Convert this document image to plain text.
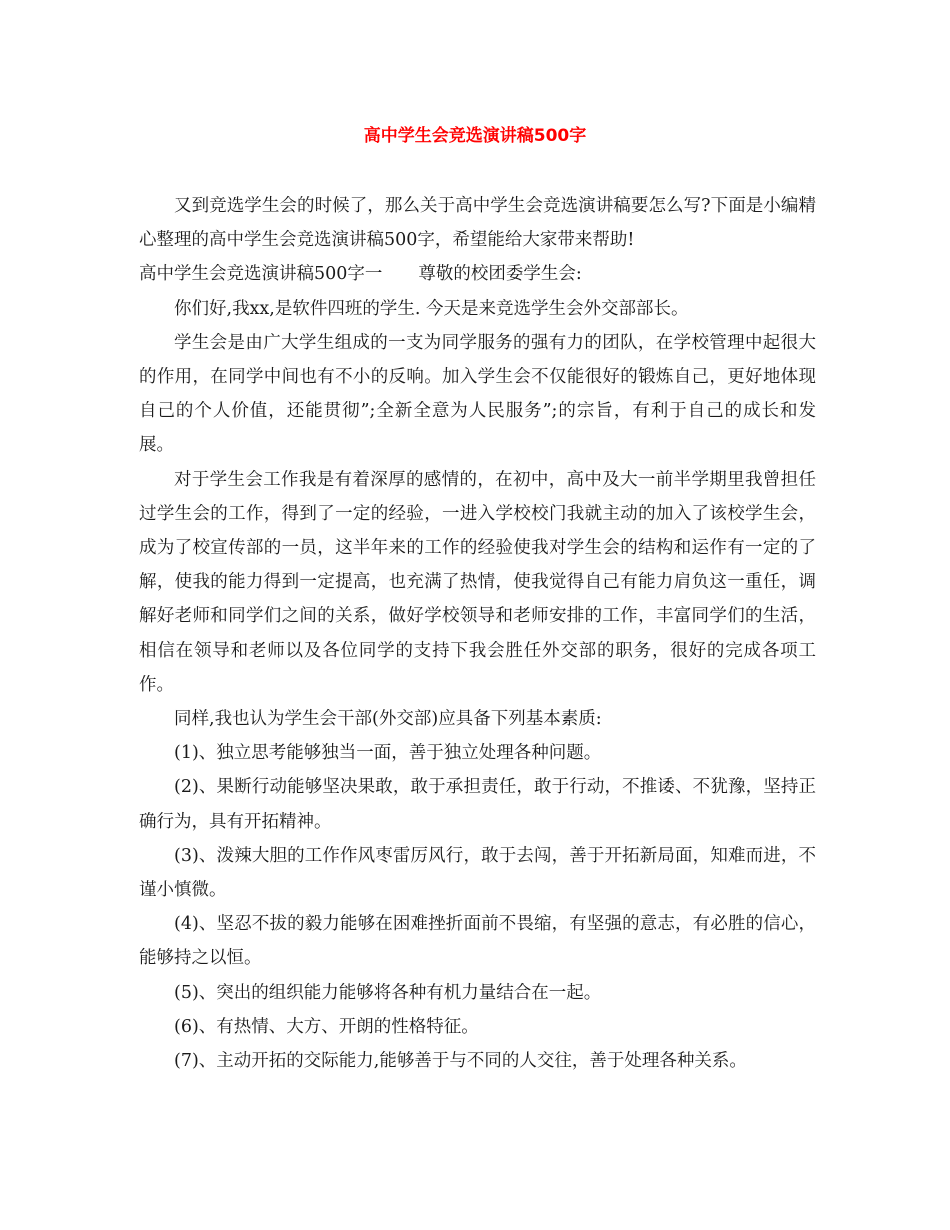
高中学生会竞选演讲稿500字

又到竞选学生会的时候了，那么关于高中学生会竞选演讲稿要怎么写?下面是小编精心整理的高中学生会竞选演讲稿500字，希望能给大家带来帮助!

高中学生会竞选演讲稿500字一 尊敬的校团委学生会:

你们好,我xx,是软件四班的学生. 今天是来竞选学生会外交部部长。

学生会是由广大学生组成的一支为同学服务的强有力的团队，在学校管理中起很大的作用，在同学中间也有不小的反响。加入学生会不仅能很好的锻炼自己，更好地体现自己的个人价值，还能贯彻”;全新全意为人民服务”;的宗旨，有利于自己的成长和发展。

对于学生会工作我是有着深厚的感情的，在初中，高中及大一前半学期里我曾担任过学生会的工作，得到了一定的经验，一进入学校校门我就主动的加入了该校学生会，成为了校宣传部的一员，这半年来的工作的经验使我对学生会的结构和运作有一定的了解，使我的能力得到一定提高，也充满了热情，使我觉得自己有能力肩负这一重任，调解好老师和同学们之间的关系，做好学校领导和老师安排的工作，丰富同学们的生活，相信在领导和老师以及各位同学的支持下我会胜任外交部的职务，很好的完成各项工作。

同样,我也认为学生会干部(外交部)应具备下列基本素质:

(1)、独立思考能够独当一面，善于独立处理各种问题。

(2)、果断行动能够坚决果敢，敢于承担责任，敢于行动，不推诿、不犹豫，坚持正确行为，具有开拓精神。

(3)、泼辣大胆的工作作风枣雷厉风行，敢于去闯，善于开拓新局面，知难而进，不谨小慎微。

(4)、坚忍不拔的毅力能够在困难挫折面前不畏缩，有坚强的意志，有必胜的信心，能够持之以恒。

(5)、突出的组织能力能够将各种有机力量结合在一起。

(6)、有热情、大方、开朗的性格特征。

(7)、主动开拓的交际能力,能够善于与不同的人交往，善于处理各种关系。
